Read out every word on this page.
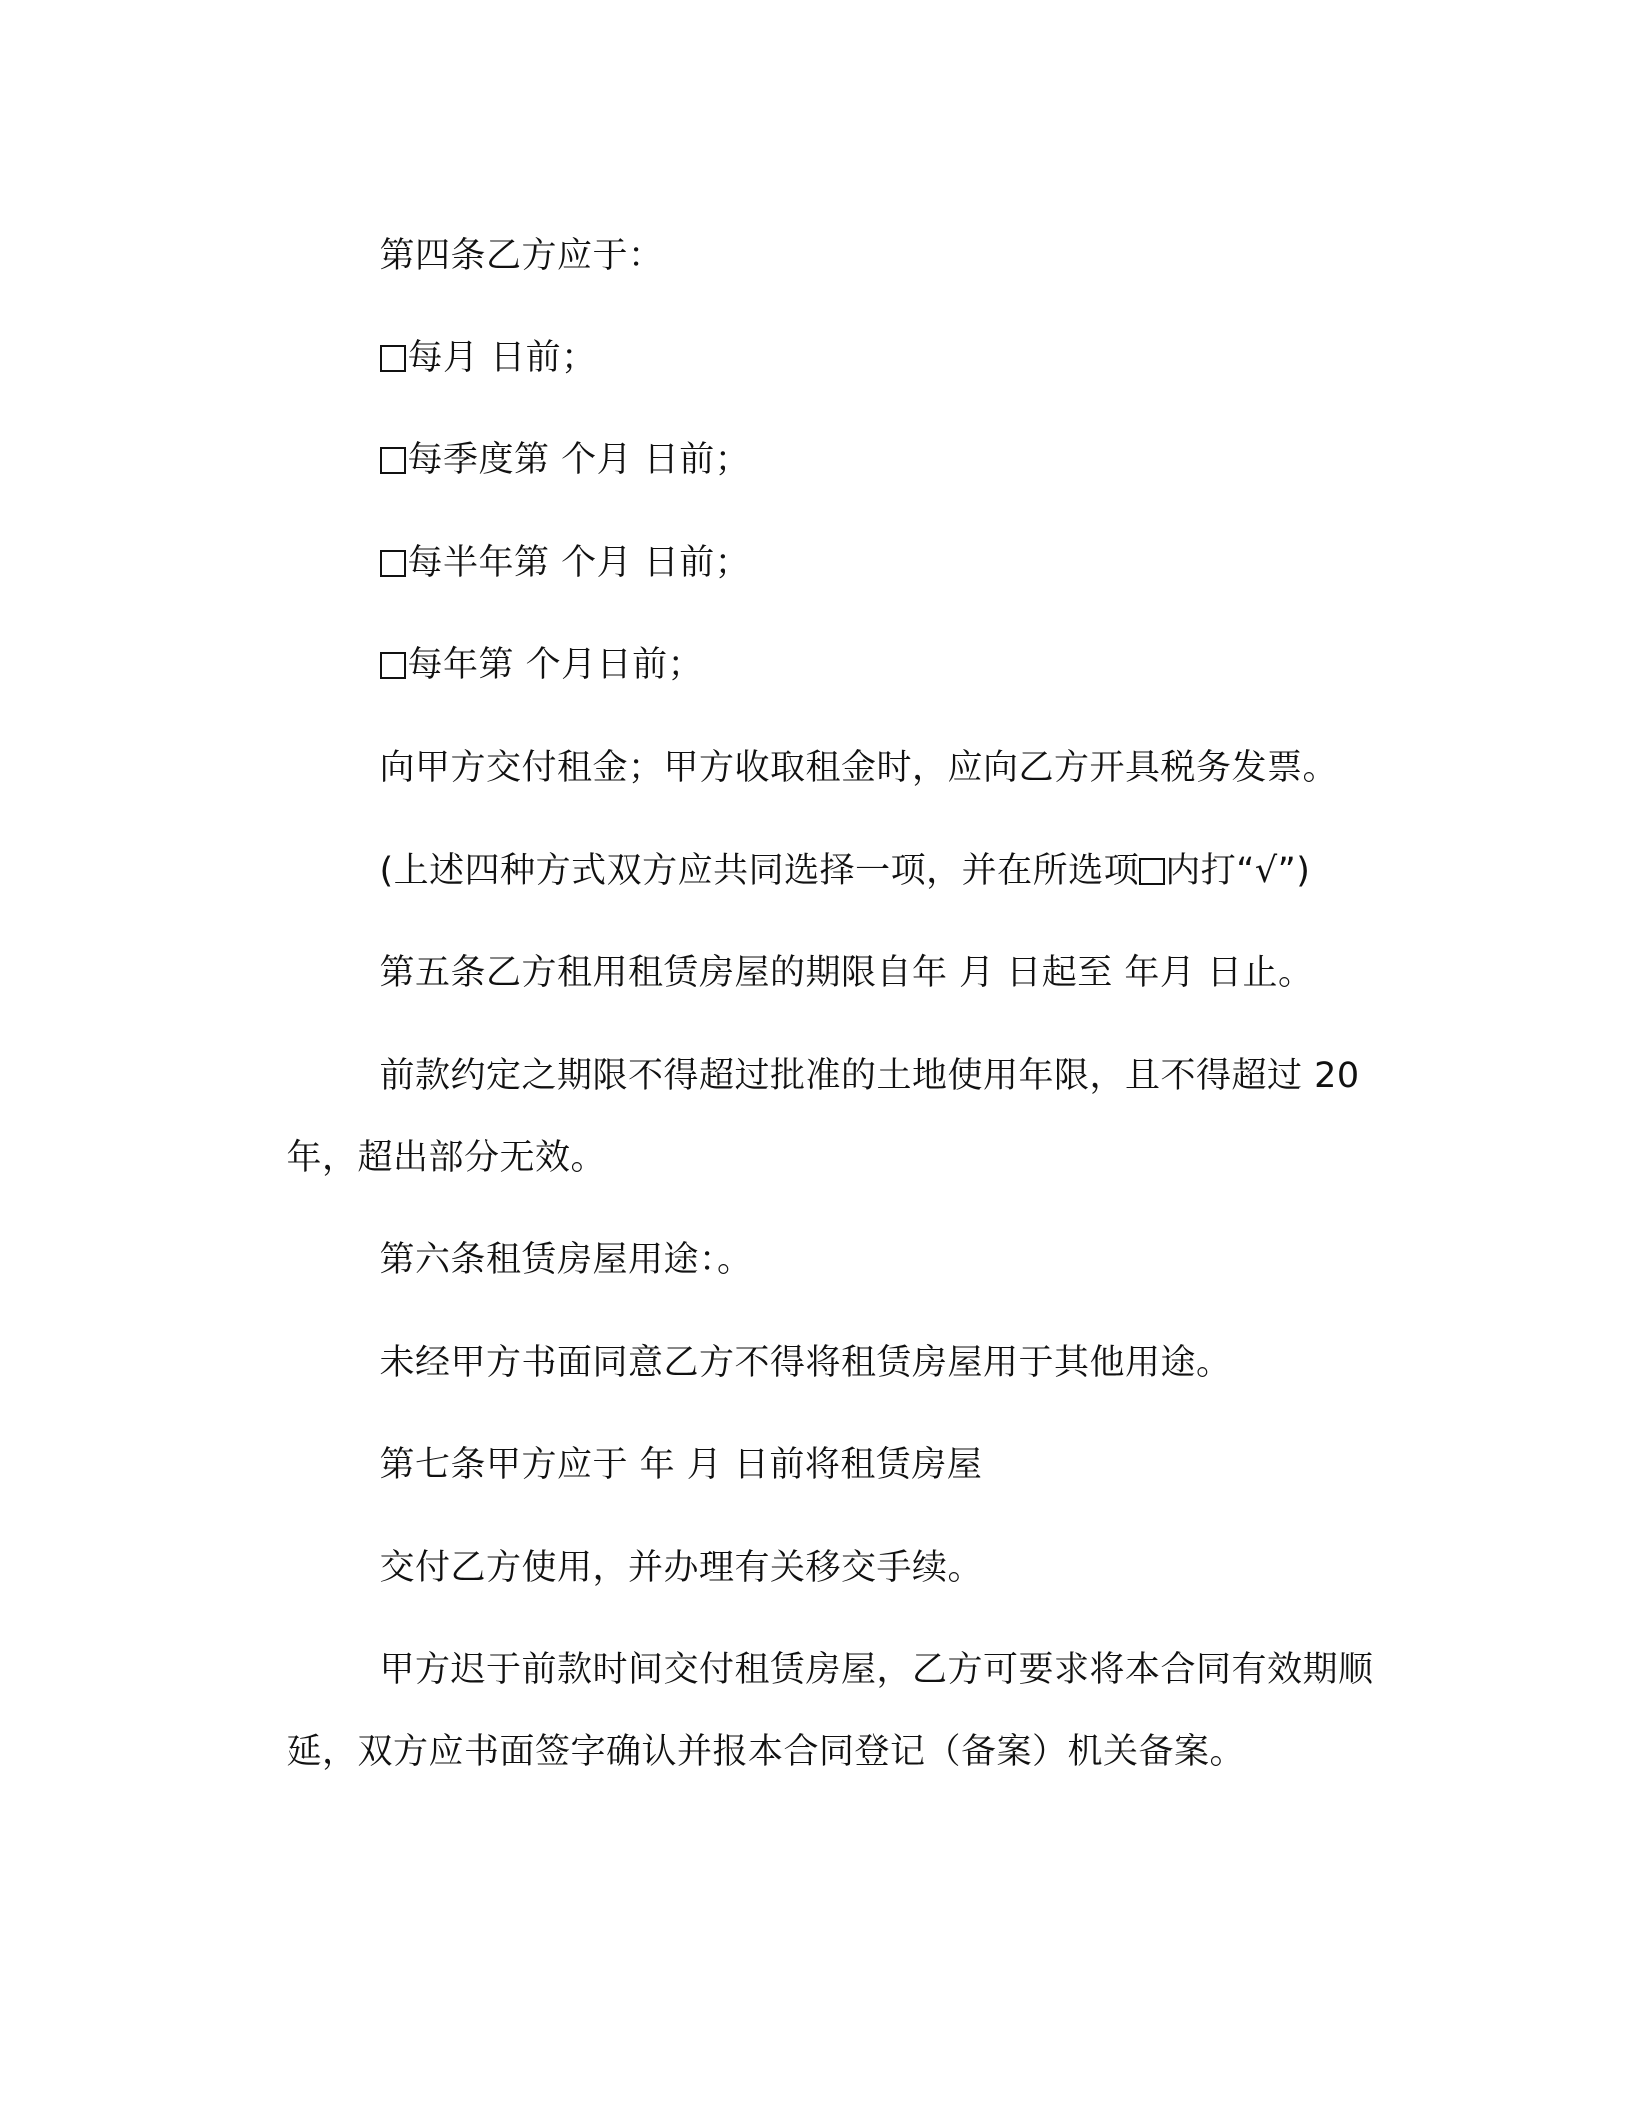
第四条乙方应于：

每月 日前；

每季度第 个月 日前；

每半年第 个月 日前；

每年第 个月日前；

向甲方交付租金；甲方收取租金时，应向乙方开具税务发票。

(上述四种方式双方应共同选择一项，并在所选项 内打“√”)

第五条乙方租用租赁房屋的期限自年 月 日起至 年月 日止。

前款约定之期限不得超过批准的土地使用年限，且不得超过 20

年，超出部分无效。

第六条租赁房屋用途：。

未经甲方书面同意乙方不得将租赁房屋用于其他用途。

第七条甲方应于 年 月 日前将租赁房屋

交付乙方使用，并办理有关移交手续。

甲方迟于前款时间交付租赁房屋，乙方可要求将本合同有效期顺

延，双方应书面签字确认并报本合同登记（备案）机关备案。
